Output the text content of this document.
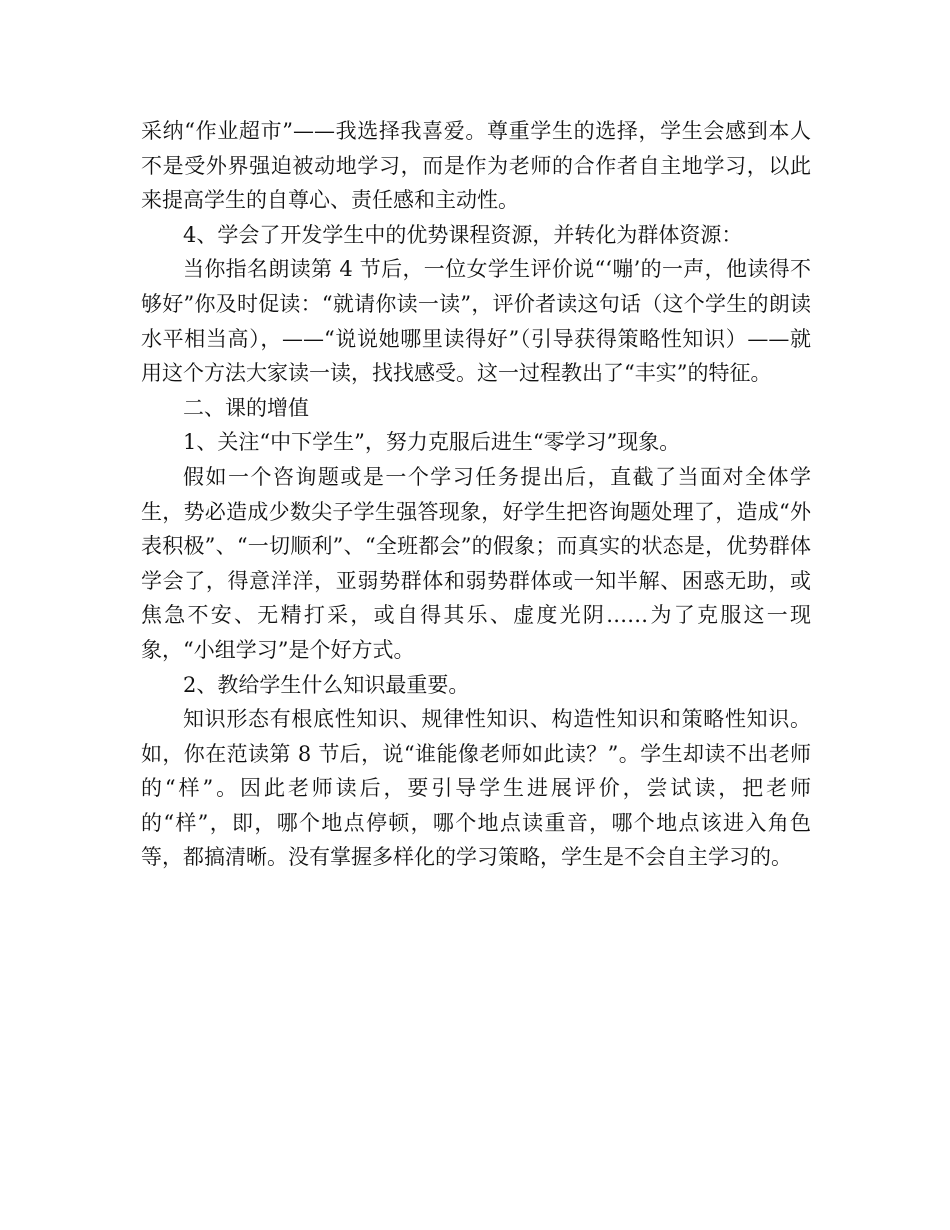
采纳“作业超市”——我选择我喜爱。尊重学生的选择，学生会感到本人不是受外界强迫被动地学习，而是作为老师的合作者自主地学习，以此来提高学生的自尊心、责任感和主动性。

4、学会了开发学生中的优势课程资源，并转化为群体资源：

当你指名朗读第 4 节后，一位女学生评价说“‘嘣’的一声，他读得不够好”你及时促读：“就请你读一读”，评价者读这句话（这个学生的朗读水平相当高），——“说说她哪里读得好”（引导获得策略性知识）——就用这个方法大家读一读，找找感受。这一过程教出了“丰实”的特征。

二、课的增值

1、关注“中下学生”，努力克服后进生“零学习”现象。

假如一个咨询题或是一个学习任务提出后，直截了当面对全体学生，势必造成少数尖子学生强答现象，好学生把咨询题处理了，造成“外表积极”、“一切顺利”、“全班都会”的假象；而真实的状态是，优势群体学会了，得意洋洋，亚弱势群体和弱势群体或一知半解、困惑无助，或焦急不安、无精打采，或自得其乐、虚度光阴……为了克服这一现象，“小组学习”是个好方式。

2、教给学生什么知识最重要。

知识形态有根底性知识、规律性知识、构造性知识和策略性知识。如，你在范读第 8 节后，说“谁能像老师如此读？”。学生却读不出老师的“样”。因此老师读后，要引导学生进展评价，尝试读，把老师的“样”，即，哪个地点停顿，哪个地点读重音，哪个地点该进入角色等，都搞清晰。没有掌握多样化的学习策略，学生是不会自主学习的。
